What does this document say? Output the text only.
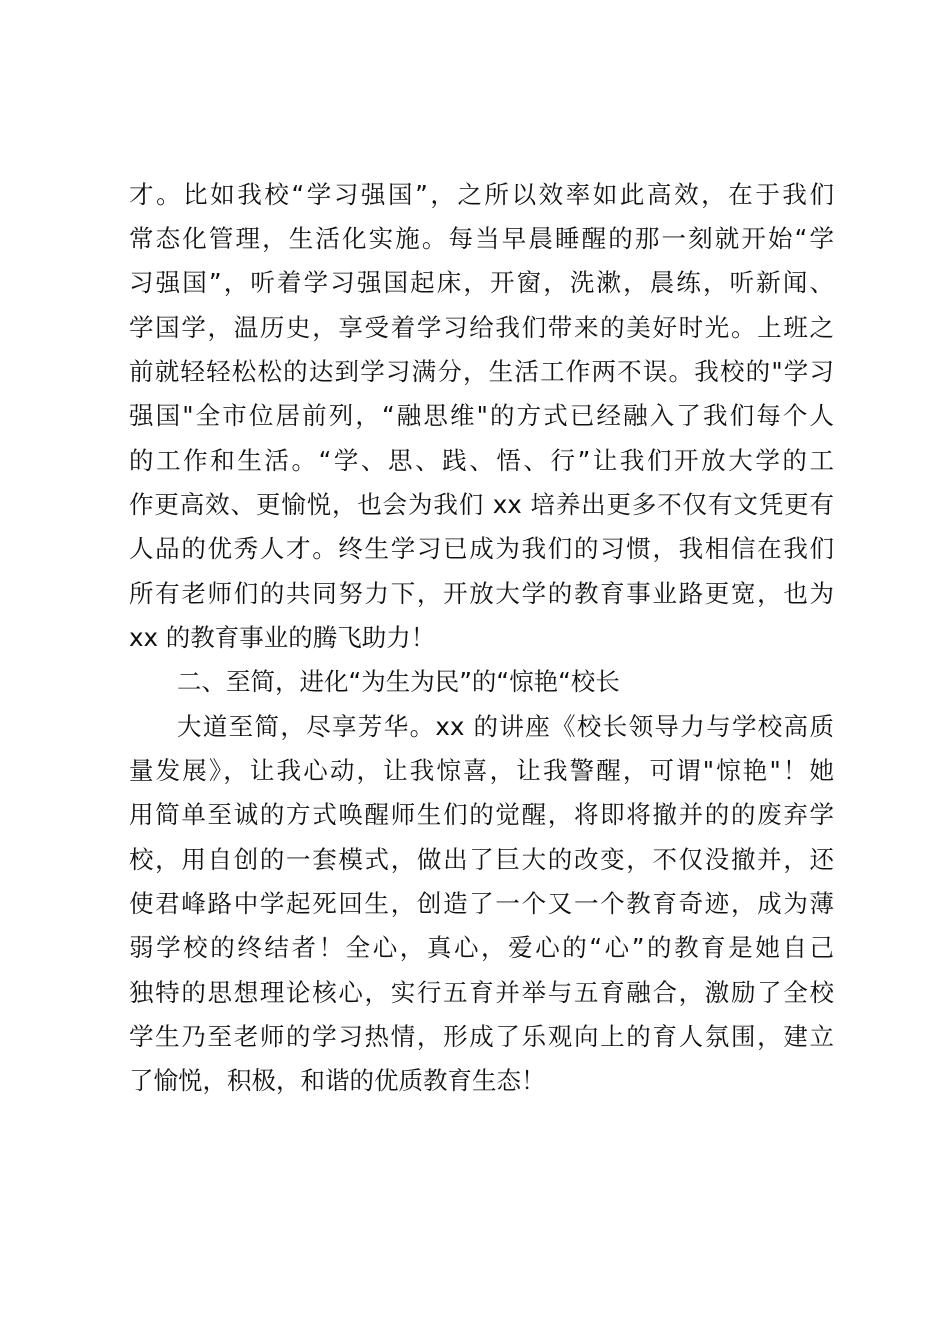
才。比如我校“学习强国”，之所以效率如此高效，在于我们
常态化管理，生活化实施。每当早晨睡醒的那一刻就开始“学
习强国”，听着学习强国起床，开窗，洗漱，晨练，听新闻、
学国学，温历史，享受着学习给我们带来的美好时光。上班之
前就轻轻松松的达到学习满分，生活工作两不误。我校的"学习
强国"全市位居前列，“融思维"的方式已经融入了我们每个人
的工作和生活。“学、思、践、悟、行”让我们开放大学的工
作更高效、更愉悦，也会为我们 xx 培养出更多不仅有文凭更有
人品的优秀人才。终生学习已成为我们的习惯，我相信在我们
所有老师们的共同努力下，开放大学的教育事业路更宽，也为
xx 的教育事业的腾飞助力！
二、至简，进化“为生为民”的“惊艳“校长
大道至简，尽享芳华。xx 的讲座《校长领导力与学校高质
量发展》，让我心动，让我惊喜，让我警醒，可谓"惊艳"！她
用简单至诚的方式唤醒师生们的觉醒，将即将撤并的的废弃学
校，用自创的一套模式，做出了巨大的改变，不仅没撤并，还
使君峰路中学起死回生，创造了一个又一个教育奇迹，成为薄
弱学校的终结者！全心，真心，爱心的“心”的教育是她自己
独特的思想理论核心，实行五育并举与五育融合，激励了全校
学生乃至老师的学习热情，形成了乐观向上的育人氛围，建立
了愉悦，积极，和谐的优质教育生态！
